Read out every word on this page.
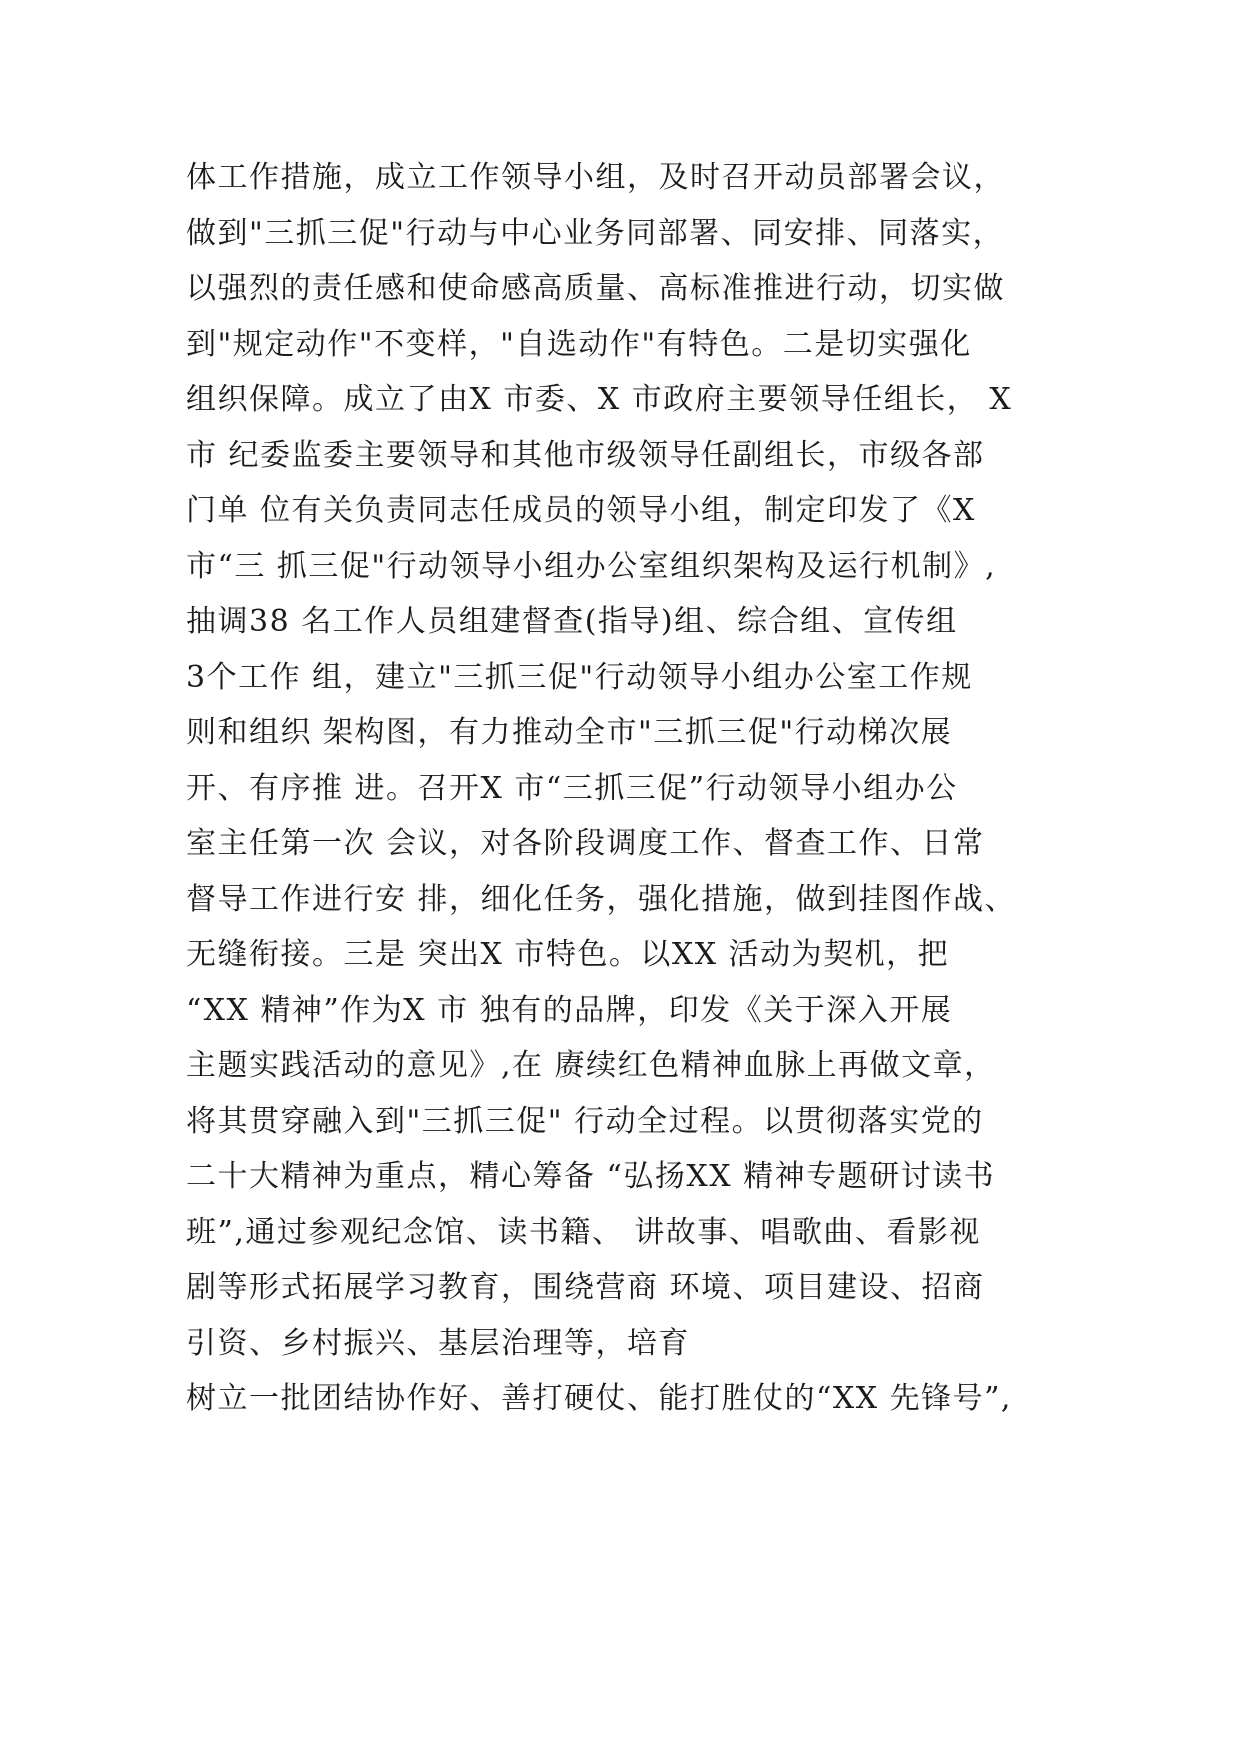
体工作措施，成立工作领导小组，及时召开动员部署会议，
做到"三抓三促"行动与中心业务同部署、同安排、同落实，
以强烈的责任感和使命感高质量、高标准推进行动，切实做
到"规定动作"不变样，"自选动作"有特色。二是切实强化
组织保障。成立了由X 市委、X 市政府主要领导任组长， X
市 纪委监委主要领导和其他市级领导任副组长，市级各部
门单 位有关负责同志任成员的领导小组，制定印发了《X
市“三 抓三促"行动领导小组办公室组织架构及运行机制》,
抽调38 名工作人员组建督查(指导)组、综合组、宣传组
3个工作 组，建立"三抓三促"行动领导小组办公室工作规
则和组织 架构图，有力推动全市"三抓三促"行动梯次展
开、有序推 进。召开X 市“三抓三促”行动领导小组办公
室主任第一次 会议，对各阶段调度工作、督查工作、日常
督导工作进行安 排，细化任务，强化措施，做到挂图作战、
无缝衔接。三是 突出X 市特色。以XX 活动为契机，把
“XX 精神”作为X 市 独有的品牌，印发《关于深入开展
主题实践活动的意见》,在 赓续红色精神血脉上再做文章，
将其贯穿融入到"三抓三促" 行动全过程。以贯彻落实党的
二十大精神为重点，精心筹备 “弘扬XX 精神专题研讨读书
班”,通过参观纪念馆、读书籍、 讲故事、唱歌曲、看影视
剧等形式拓展学习教育，围绕营商 环境、项目建设、招商
引资、乡村振兴、基层治理等，培育
树立一批团结协作好、善打硬仗、能打胜仗的“XX 先锋号”,
